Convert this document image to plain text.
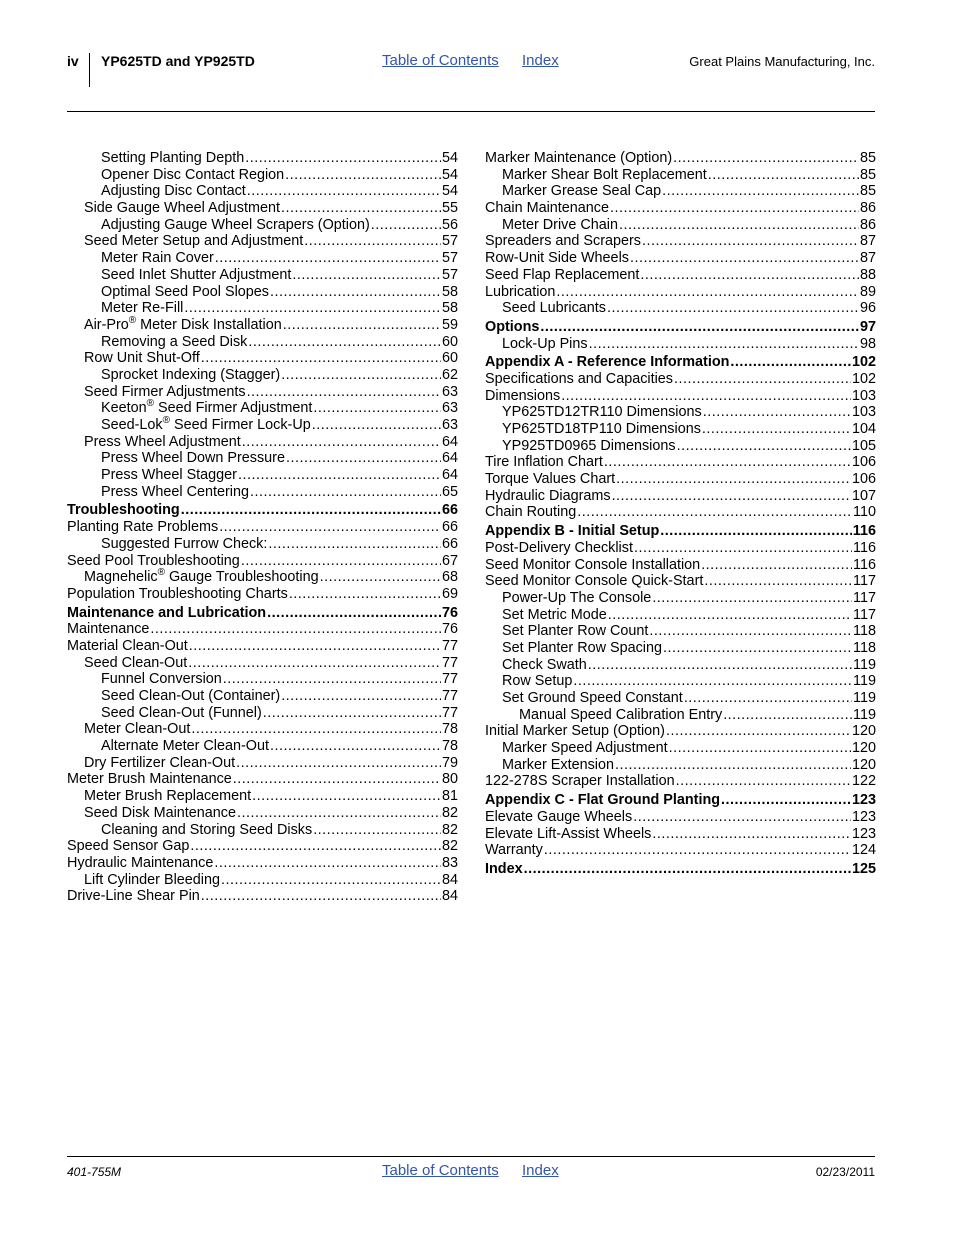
iv YP625TD and YP925TD	Table of Contents Index	Great Plains Manufacturing, Inc.
Setting Planting Depth .....	54
Opener Disc Contact Region .....	54
Adjusting Disc Contact .....	54
Side Gauge Wheel Adjustment .....	55
Adjusting Gauge Wheel Scrapers (Option) .....	56
Seed Meter Setup and Adjustment .....	57
Meter Rain Cover .....	57
Seed Inlet Shutter Adjustment .....	57
Optimal Seed Pool Slopes .....	58
Meter Re-Fill .....	58
Air-Pro® Meter Disk Installation .....	59
Removing a Seed Disk .....	60
Row Unit Shut-Off .....	60
Sprocket Indexing (Stagger) .....	62
Seed Firmer Adjustments .....	63
Keeton® Seed Firmer Adjustment .....	63
Seed-Lok® Seed Firmer Lock-Up .....	63
Press Wheel Adjustment .....	64
Press Wheel Down Pressure .....	64
Press Wheel Stagger .....	64
Press Wheel Centering .....	65
Troubleshooting .....	66
Planting Rate Problems .....	66
Suggested Furrow Check: .....	66
Seed Pool Troubleshooting .....	67
Magnehelic® Gauge Troubleshooting .....	68
Population Troubleshooting Charts .....	69
Maintenance and Lubrication .....	76
Maintenance .....	76
Material Clean-Out .....	77
Seed Clean-Out .....	77
Funnel Conversion .....	77
Seed Clean-Out (Container) .....	77
Seed Clean-Out (Funnel) .....	77
Meter Clean-Out .....	78
Alternate Meter Clean-Out .....	78
Dry Fertilizer Clean-Out .....	79
Meter Brush Maintenance .....	80
Meter Brush Replacement .....	81
Seed Disk Maintenance .....	82
Cleaning and Storing Seed Disks .....	82
Speed Sensor Gap .....	82
Hydraulic Maintenance .....	83
Lift Cylinder Bleeding .....	84
Drive-Line Shear Pin .....	84
Marker Maintenance (Option) .....	85
Marker Shear Bolt Replacement .....	85
Marker Grease Seal Cap .....	85
Chain Maintenance .....	86
Meter Drive Chain .....	86
Spreaders and Scrapers .....	87
Row-Unit Side Wheels .....	87
Seed Flap Replacement .....	88
Lubrication .....	89
Seed Lubricants .....	96
Options .....	97
Lock-Up Pins .....	98
Appendix A - Reference Information .....	102
Specifications and Capacities .....	102
Dimensions .....	103
YP625TD12TR110 Dimensions .....	103
YP625TD18TP110 Dimensions .....	104
YP925TD0965 Dimensions .....	105
Tire Inflation Chart .....	106
Torque Values Chart .....	106
Hydraulic Diagrams .....	107
Chain Routing .....	110
Appendix B - Initial Setup .....	116
Post-Delivery Checklist .....	116
Seed Monitor Console Installation .....	116
Seed Monitor Console Quick-Start .....	117
Power-Up The Console .....	117
Set Metric Mode .....	117
Set Planter Row Count .....	118
Set Planter Row Spacing .....	118
Check Swath .....	119
Row Setup .....	119
Set Ground Speed Constant .....	119
Manual Speed Calibration Entry .....	119
Initial Marker Setup (Option) .....	120
Marker Speed Adjustment .....	120
Marker Extension .....	120
122-278S Scraper Installation .....	122
Appendix C - Flat Ground Planting .....	123
Elevate Gauge Wheels .....	123
Elevate Lift-Assist Wheels .....	123
Warranty .....	124
Index .....	125
401-755M	Table of Contents Index	02/23/2011
